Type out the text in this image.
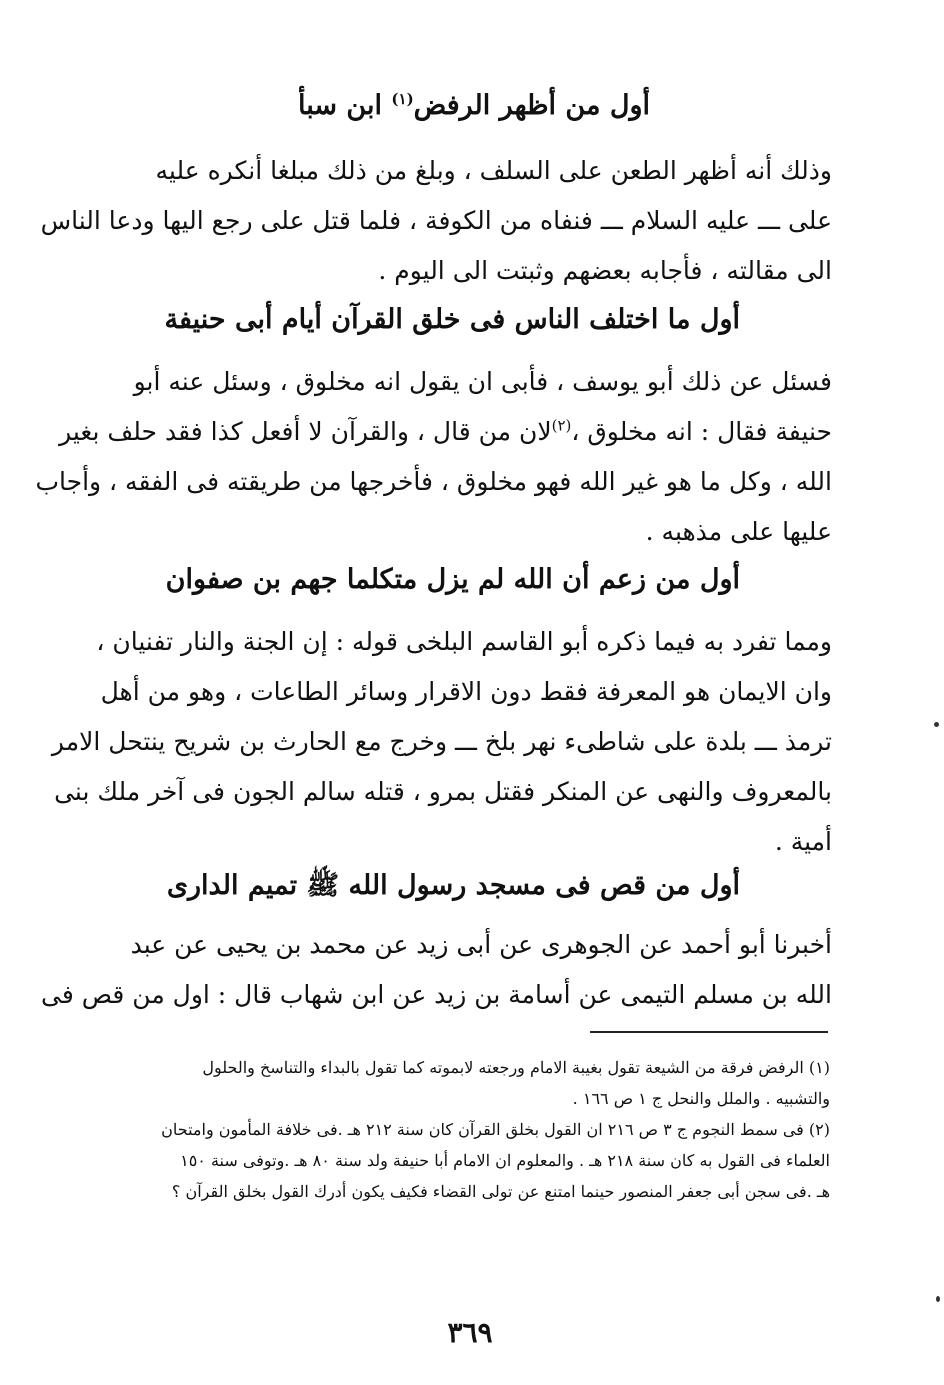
أول من أظهر الرفض$^{(١)}$ ابن سبأ
وذلك أنه أظهر الطعن على السلف ، وبلغ من ذلك مبلغا أنكره عليه
على ـــ عليه السلام ـــ فنفاه من الكوفة ، فلما قتل على رجع اليها ودعا الناس
الى مقالته ، فأجابه بعضهم وثبتت الى اليوم .
أول ما اختلف الناس فى خلق القرآن أيام أبى حنيفة
فسئل عن ذلك أبو يوسف ، فأبى ان يقول انه مخلوق ، وسئل عنه أبو
حنيفة فقال : انه مخلوق ،$^{(٢)}$لان من قال ، والقرآن لا أفعل كذا فقد حلف بغير
الله ، وكل ما هو غير الله فهو مخلوق ، فأخرجها من طريقته فى الفقه ، وأجاب
عليها على مذهبه .
أول من زعم أن الله لم يزل متكلما جهم بن صفوان
ومما تفرد به فيما ذكره أبو القاسم البلخى قوله : إن الجنة والنار تفنيان ،
وان الايمان هو المعرفة فقط دون الاقرار وسائر الطاعات ، وهو من أهل
ترمذ ـــ بلدة على شاطىء نهر بلخ ـــ وخرج مع الحارث بن شريح ينتحل الامر
بالمعروف والنهى عن المنكر فقتل بمرو ، قتله سالم الجون فى آخر ملك بنى
أمية .
أول من قص فى مسجد رسول الله ﷺ تميم الدارى
أخبرنا أبو أحمد عن الجوهرى عن أبى زيد عن محمد بن يحيى عن عبد
الله بن مسلم التيمى عن أسامة بن زيد عن ابن شهاب قال : اول من قص فى
(١) الرفض فرقة من الشيعة تقول بغيبة الامام ورجعته لابموته كما تقول بالبداء والتناسخ والحلول
والتشبيه . والملل والنحل ج ١ ص ١٦٦ .
(٢) فى سمط النجوم ج ٣ ص ٢١٦ ان القول بخلق القرآن كان سنة ٢١٢ هـ .فى خلافة المأمون وامتحان
العلماء فى القول به كان سنة ٢١٨ هـ . والمعلوم ان الامام أبا حنيفة ولد سنة ٨٠ هـ .وتوفى سنة ١٥٠
هـ .فى سجن أبى جعفر المنصور حينما امتنع عن تولى القضاء فكيف يكون أدرك القول بخلق القرآن ؟
٣٦٩
